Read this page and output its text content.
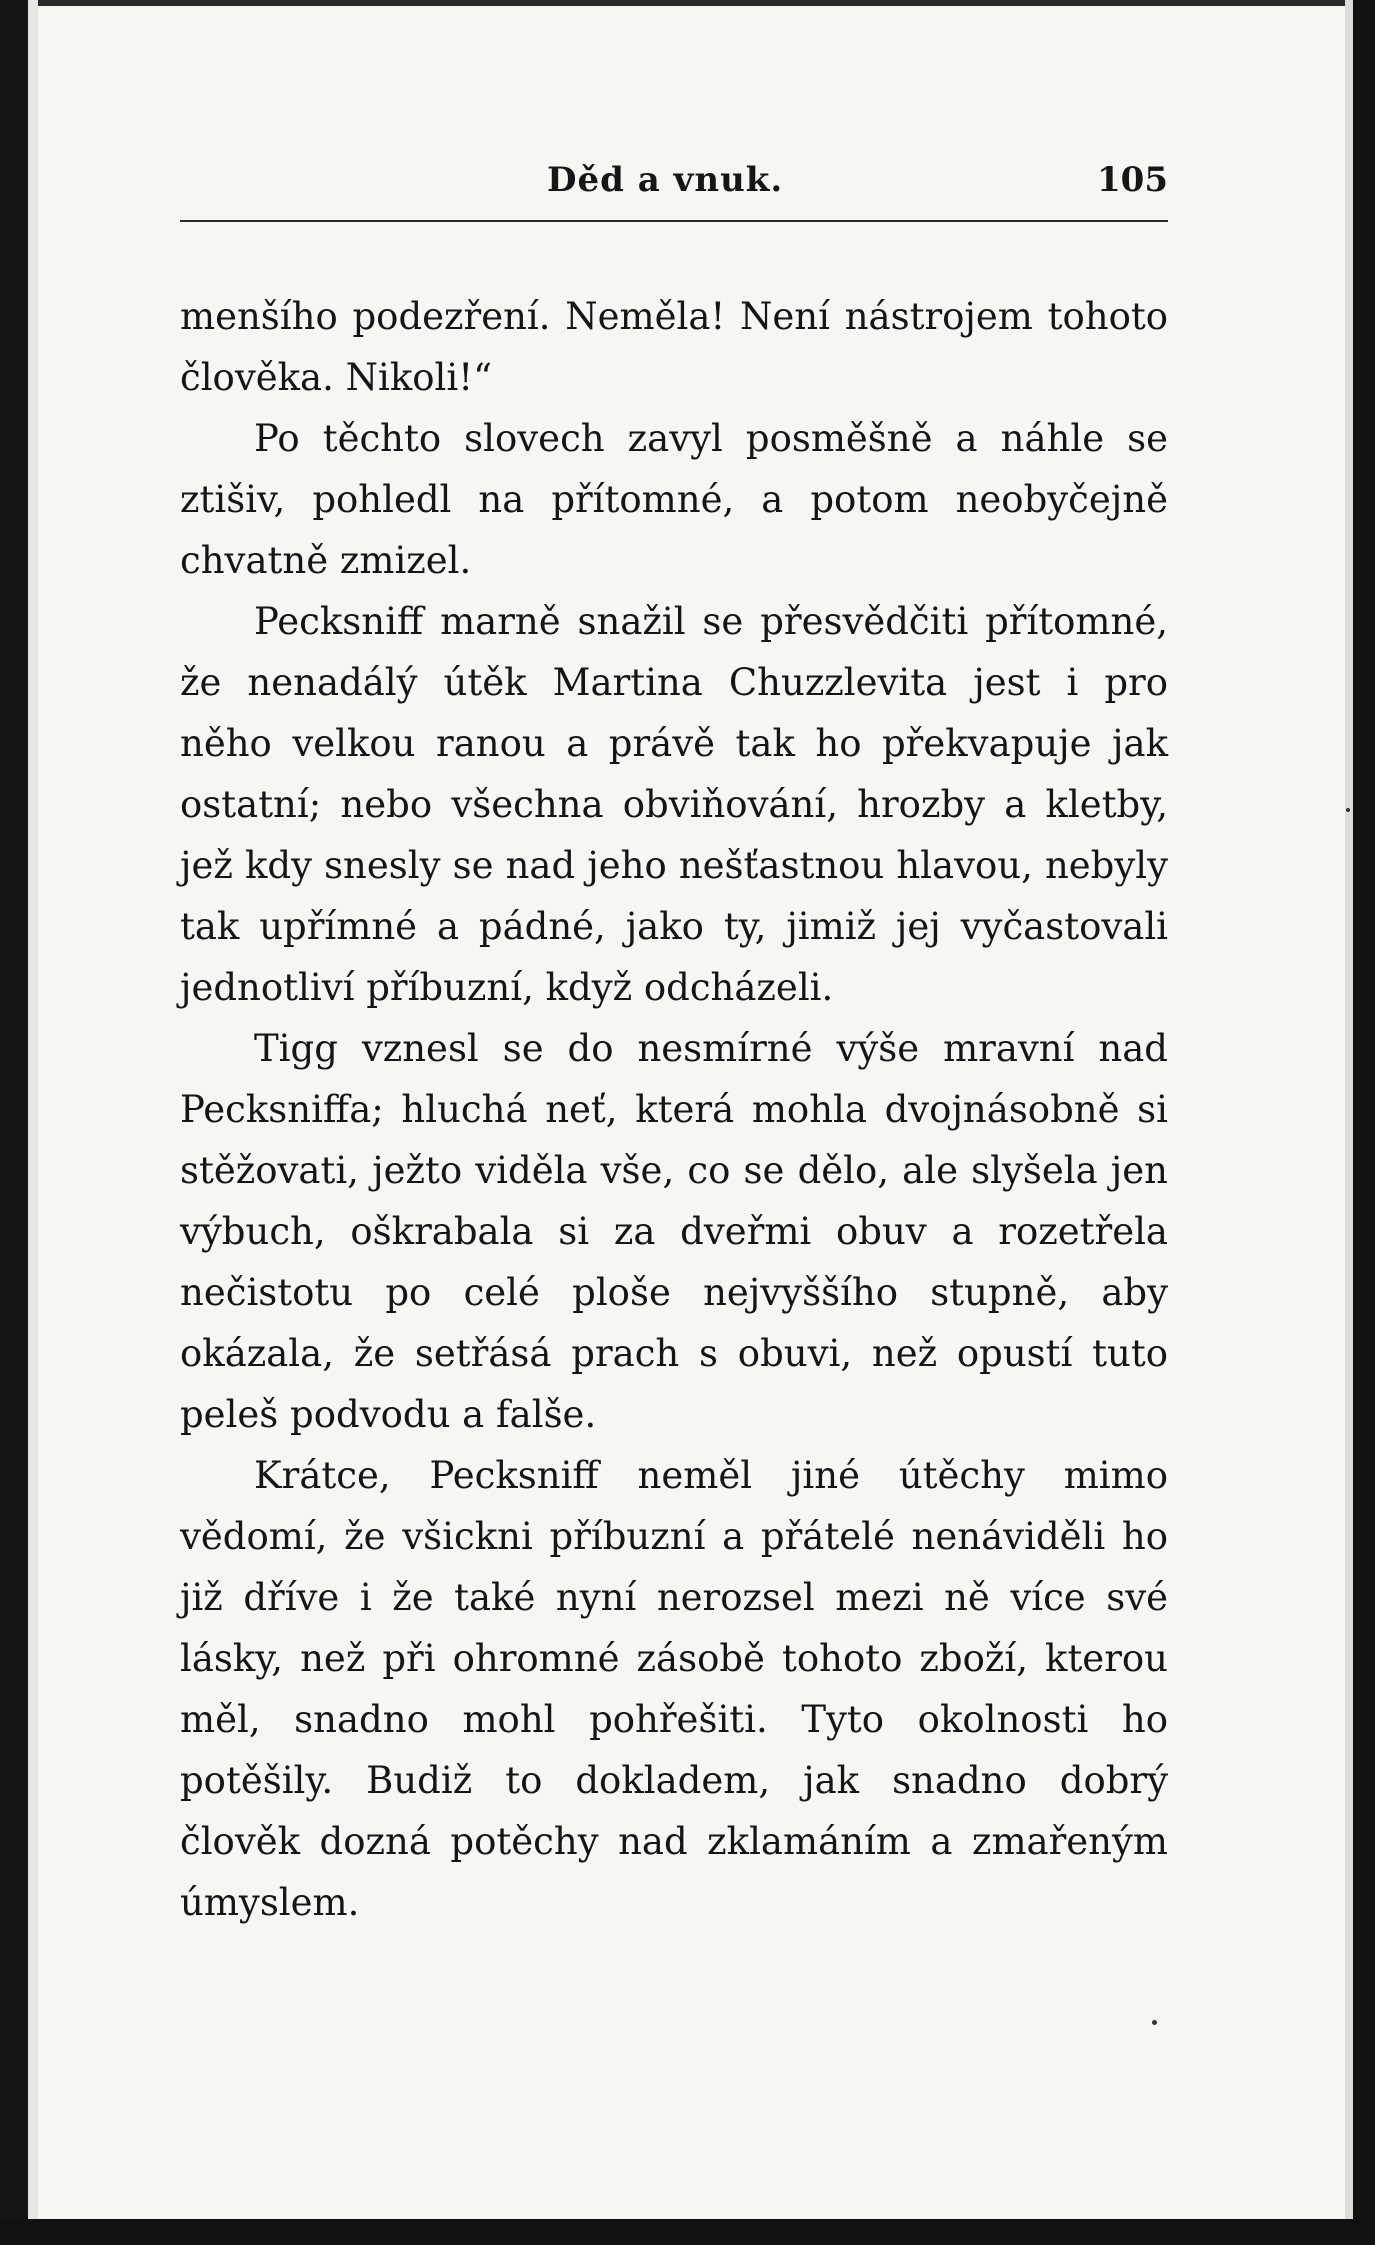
Děd a vnuk.	105

menšího podezření. Neměla! Není nástrojem tohoto člověka. Nikoli!“

Po těchto slovech zavyl posměšně a náhle se ztišiv, pohledl na přítomné, a potom neobyčejně chvatně zmizel.

Pecksniff marně snažil se přesvědčiti přítomné, že nenadálý útěk Martina Chuzzlevita jest i pro něho velkou ranou a právě tak ho překvapuje jak ostatní; nebo všechna obviňování, hrozby a kletby, jež kdy snesly se nad jeho nešťastnou hlavou, nebyly tak upřímné a pádné, jako ty, jimiž jej vyčastovali jednotliví příbuzní, když odcházeli.

Tigg vznesl se do nesmírné výše mravní nad Pecksniffa; hluchá neť, která mohla dvojnásobně si stěžovati, ježto viděla vše, co se dělo, ale slyšela jen výbuch, oškrabala si za dveřmi obuv a rozetřela nečistotu po celé ploše nejvyššího stupně, aby okázala, že setřásá prach s obuvi, než opustí tuto peleš podvodu a falše.

Krátce, Pecksniff neměl jiné útěchy mimo vědomí, že všickni příbuzní a přátelé nenáviděli ho již dříve i že také nyní nerozsel mezi ně více své lásky, než při ohromné zásobě tohoto zboží, kterou měl, snadno mohl pohřešiti. Tyto okolnosti ho potěšily. Budiž to dokladem, jak snadno dobrý člověk dozná potěchy nad zklamáním a zmařeným úmyslem.
